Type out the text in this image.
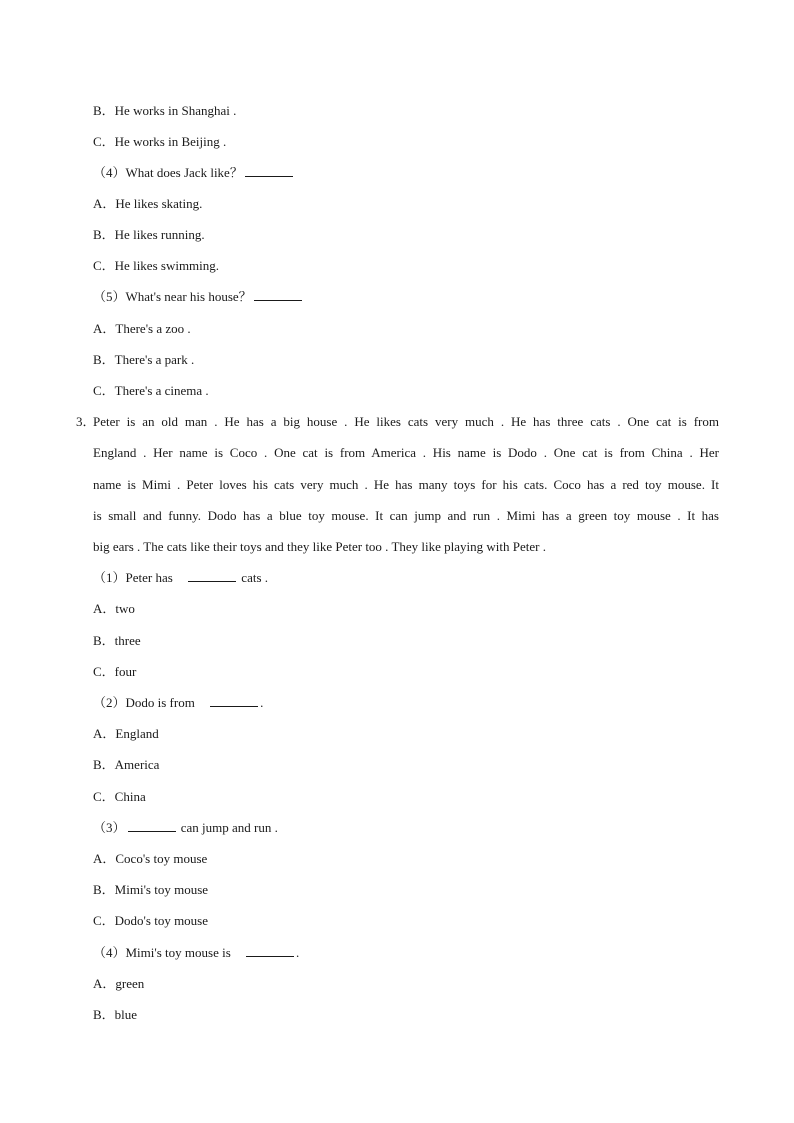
B．He works in Shanghai .
C．He works in Beijing .
（4）What does Jack like？
A．He likes skating.
B．He likes running.
C．He likes swimming.
（5）What's near his house？
A．There's a zoo .
B．There's a park .
C．There's a cinema .
3．
Peter is an old man . He has a big house . He likes cats very much . He has three cats . One cat is from
England . Her name is Coco . One cat is from America . His name is Dodo . One cat is from China . Her
name is Mimi . Peter loves his cats very much . He has many toys for his cats. Coco has a red toy mouse. It
is small and funny. Dodo has a blue toy mouse. It can jump and run . Mimi has a green toy mouse . It has
big ears . The cats like their toys and they like Peter too . They like playing with Peter .
（1）Peter has	cats .
A．two
B．three
C．four
（2）Dodo is from	.
A．England
B．America
C．China
（3）	can jump and run .
A．Coco's toy mouse
B．Mimi's toy mouse
C．Dodo's toy mouse
（4）Mimi's toy mouse is	.
A．green
B．blue
